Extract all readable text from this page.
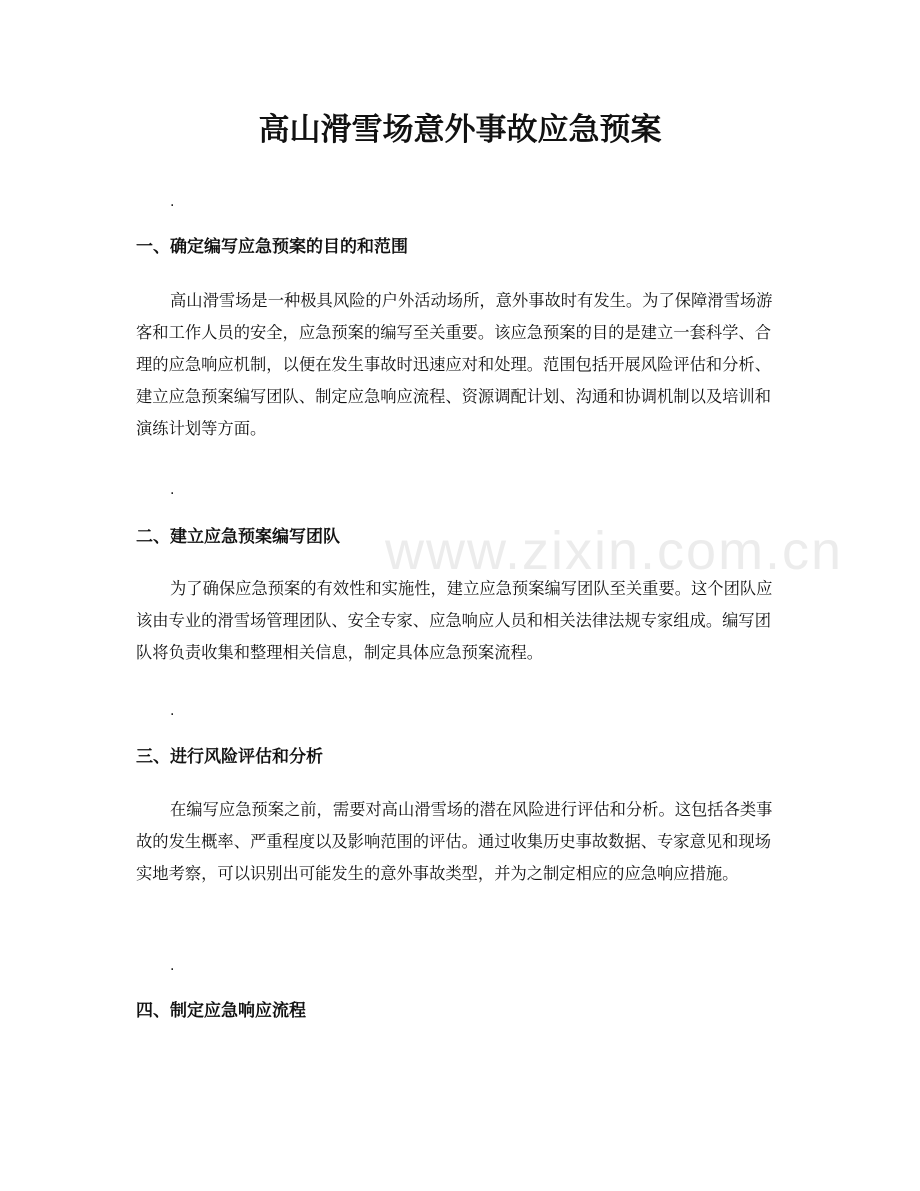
www.zixin.com.cn
高山滑雪场意外事故应急预案
.
一、确定编写应急预案的目的和范围

高山滑雪场是一种极具风险的户外活动场所，意外事故时有发生。为了保障滑雪场游客和工作人员的安全，应急预案的编写至关重要。该应急预案的目的是建立一套科学、合理的应急响应机制，以便在发生事故时迅速应对和处理。范围包括开展风险评估和分析、建立应急预案编写团队、制定应急响应流程、资源调配计划、沟通和协调机制以及培训和演练计划等方面。

.
二、建立应急预案编写团队

为了确保应急预案的有效性和实施性，建立应急预案编写团队至关重要。这个团队应该由专业的滑雪场管理团队、安全专家、应急响应人员和相关法律法规专家组成。编写团队将负责收集和整理相关信息，制定具体应急预案流程。

.
三、进行风险评估和分析

在编写应急预案之前，需要对高山滑雪场的潜在风险进行评估和分析。这包括各类事故的发生概率、严重程度以及影响范围的评估。通过收集历史事故数据、专家意见和现场实地考察，可以识别出可能发生的意外事故类型，并为之制定相应的应急响应措施。

.
四、制定应急响应流程
